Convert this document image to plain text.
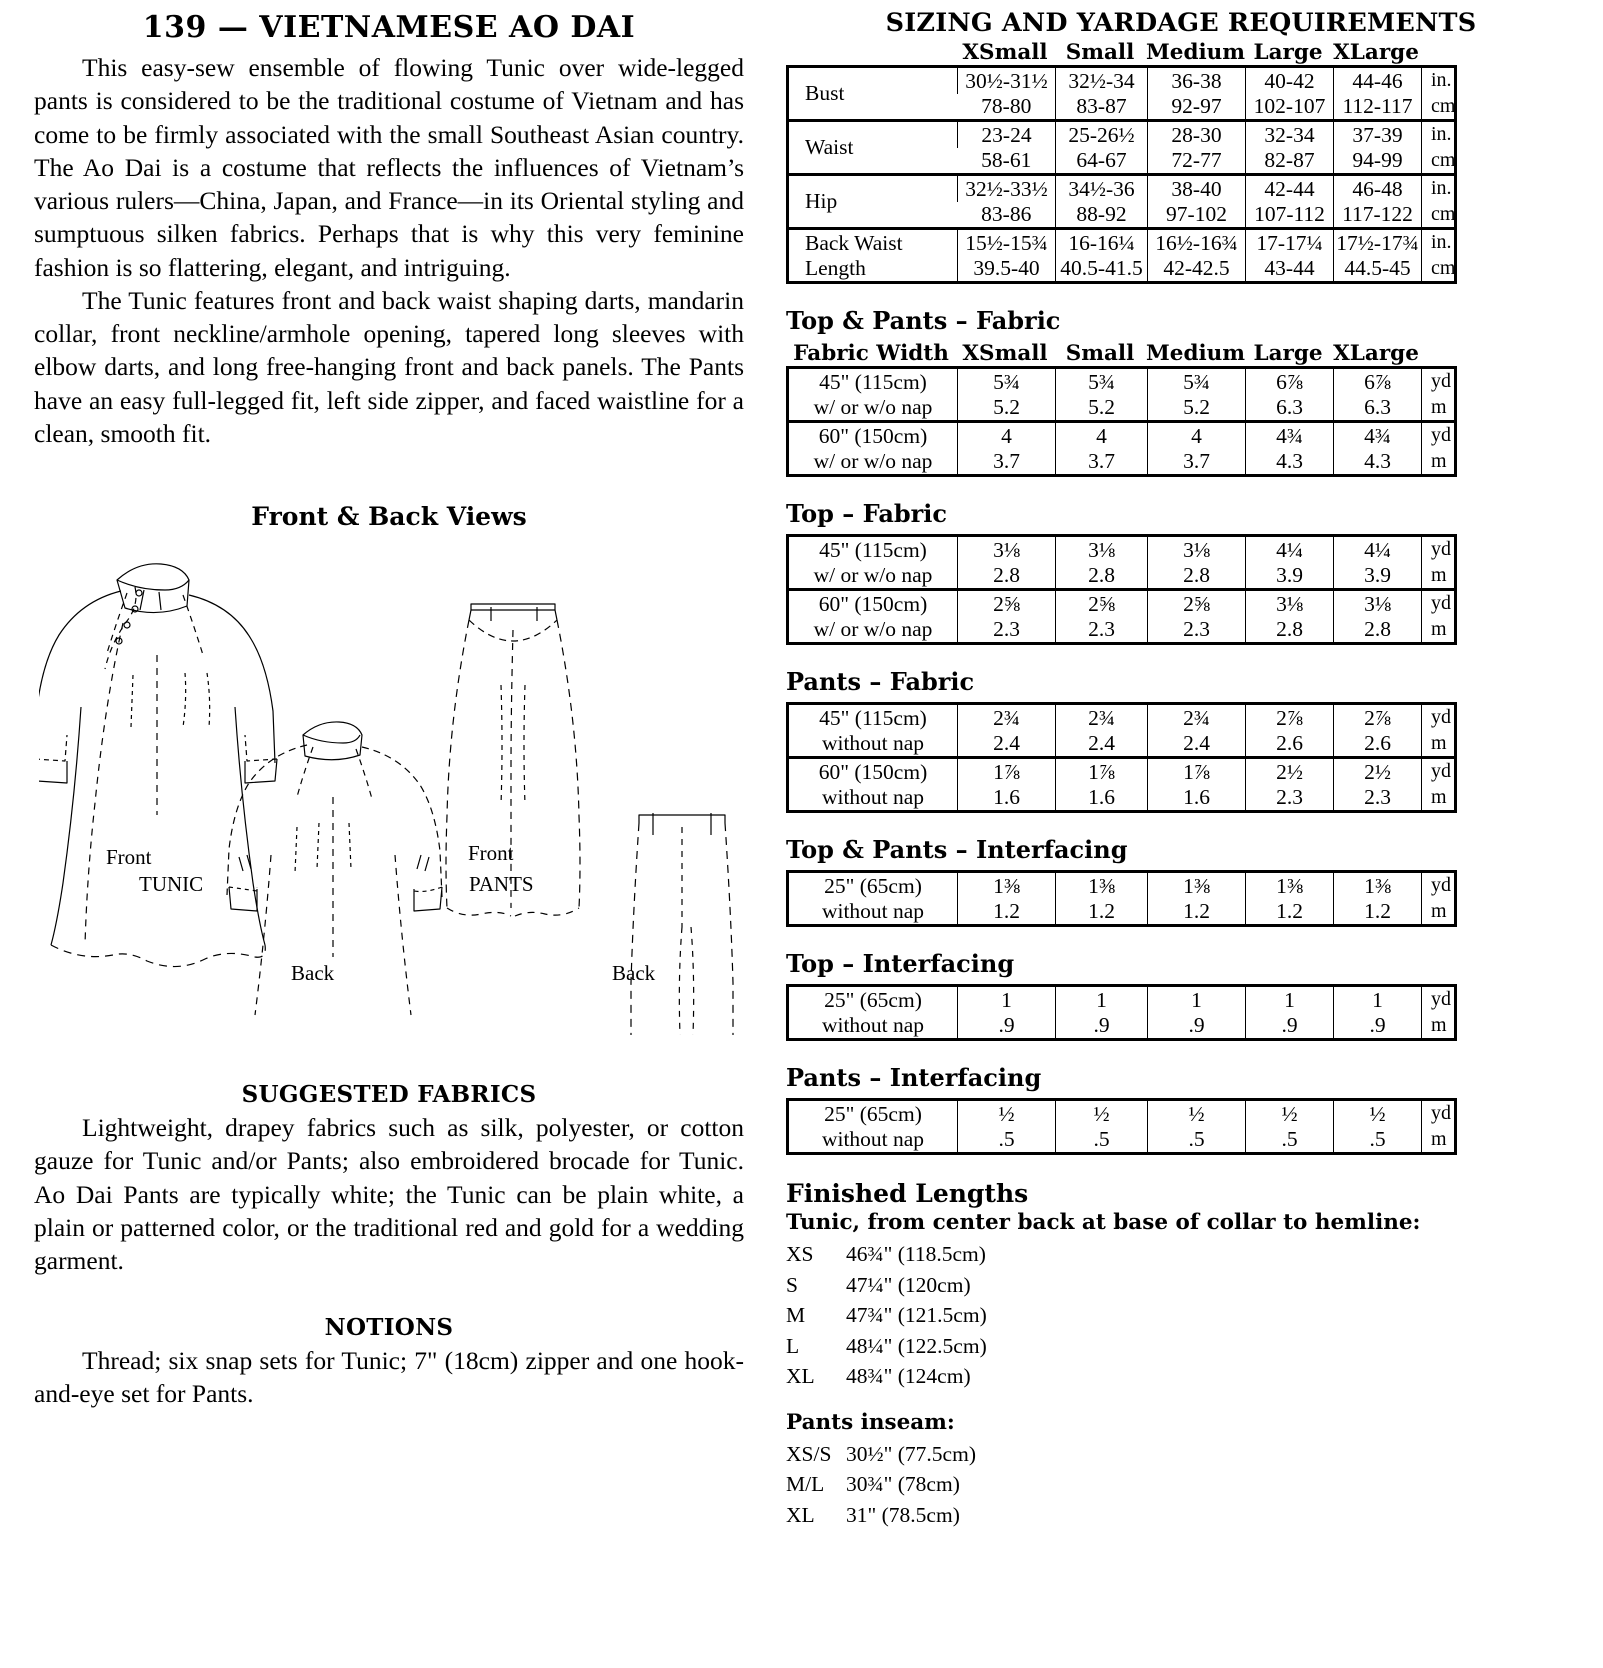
139 — VIETNAMESE AO DAI

This easy-sew ensemble of flowing Tunic over wide-legged pants is considered to be the traditional costume of Vietnam and has come to be firmly associated with the small Southeast Asian country. The Ao Dai is a costume that reflects the influences of Vietnam’s various rulers—China, Japan, and France—in its Oriental styling and sumptuous silken fabrics. Perhaps that is why this very feminine fashion is so flattering, elegant, and intriguing.

The Tunic features front and back waist shaping darts, mandarin collar, front neckline/armhole opening, tapered long sleeves with elbow darts, and long free-hanging front and back panels. The Pants have an easy full-legged fit, left side zipper, and faced waistline for a clean, smooth fit.

Front & Back Views
TUNIC	PANTS
Front
Back
Front
Back
SUGGESTED FABRICS

Lightweight, drapey fabrics such as silk, polyester, or cotton gauze for Tunic and/or Pants; also embroidered brocade for Tunic. Ao Dai Pants are typically white; the Tunic can be plain white, a plain or patterned color, or the traditional red and gold for a wedding garment.

NOTIONS

Thread; six snap sets for Tunic; 7" (18cm) zipper and one hook-and-eye set for Pants.

SIZING AND YARDAGE REQUIREMENTS
	XSmall	Small	Medium	Large	XLarge	
Bust	30½-31½	32½-34	36-38	40-42	44-46	in.
	78-80	83-87	92-97	102-107	112-117	cm
Waist	23-24	25-26½	28-30	32-34	37-39	in.
	58-61	64-67	72-77	82-87	94-99	cm
Hip	32½-33½	34½-36	38-40	42-44	46-48	in.
	83-86	88-92	97-102	107-112	117-122	cm
Back Waist	15½-15¾	16-16¼	16½-16¾	17-17¼	17½-17¾	in.
Length	39.5-40	40.5-41.5	42-42.5	43-44	44.5-45	cm
Top & Pants – Fabric
Fabric Width	XSmall	Small	Medium	Large	XLarge	
45" (115cm)	5¾	5¾	5¾	6⅞	6⅞	yd
w/ or w/o nap	5.2	5.2	5.2	6.3	6.3	m
60" (150cm)	4	4	4	4¾	4¾	yd
w/ or w/o nap	3.7	3.7	3.7	4.3	4.3	m
Top – Fabric
45" (115cm)	3⅛	3⅛	3⅛	4¼	4¼	yd
w/ or w/o nap	2.8	2.8	2.8	3.9	3.9	m
60" (150cm)	2⅝	2⅝	2⅝	3⅛	3⅛	yd
w/ or w/o nap	2.3	2.3	2.3	2.8	2.8	m
Pants – Fabric
45" (115cm)	2¾	2¾	2¾	2⅞	2⅞	yd
without nap	2.4	2.4	2.4	2.6	2.6	m
60" (150cm)	1⅞	1⅞	1⅞	2½	2½	yd
without nap	1.6	1.6	1.6	2.3	2.3	m
Top & Pants – Interfacing
25" (65cm)	1⅜	1⅜	1⅜	1⅜	1⅜	yd
without nap	1.2	1.2	1.2	1.2	1.2	m
Top – Interfacing
25" (65cm)	1	1	1	1	1	yd
without nap	.9	.9	.9	.9	.9	m
Pants – Interfacing
25" (65cm)	½	½	½	½	½	yd
without nap	.5	.5	.5	.5	.5	m
Finished Lengths
Tunic, from center back at base of collar to hemline:
XS	46¾" (118.5cm)
S	47¼" (120cm)
M	47¾" (121.5cm)
L	48¼" (122.5cm)
XL	48¾" (124cm)
Pants inseam:
XS/S 30½" (77.5cm)
M/L	30¾" (78cm)
XL	31" (78.5cm)
